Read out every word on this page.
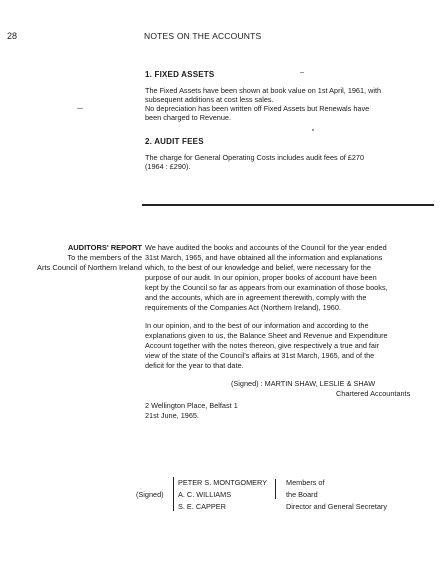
28	NOTES ON THE ACCOUNTS

1. FIXED ASSETS

The Fixed Assets have been shown at book value on 1st April, 1961, with

subsequent additions at cost less sales.

No depreciation has been written off Fixed Assets but Renewals have

been charged to Revenue.

2. AUDIT FEES

The charge for General Operating Costs includes audit fees of £270

(1964 : £290).

AUDITORS' REPORT

To the members of the

Arts Council of Northern Ireland

We have audited the books and accounts of the Council for the year ended

31st March, 1965, and have obtained all the information and explanations

which, to the best of our knowledge and belief, were necessary for the

purpose of our audit. In our opinion, proper books of account have been

kept by the Council so far as appears from our examination of those books,

and the accounts, which are in agreement therewith, comply with the

requirements of the Companies Act (Northern Ireland), 1960.

In our opinion, and to the best of our information and according to the

explanations given to us, the Balance Sheet and Revenue and Expenditure

Account together with the notes thereon, give respectively a true and fair

view of the state of the Council's affairs at 31st March, 1965, and of the

deficit for the year to that date.

(Signed) : MARTIN SHAW, LESLIE & SHAW

Chartered Accountants

2 Wellington Place, Belfast 1

21st June, 1965.

(Signed)

PETER S. MONTGOMERY

A. C. WILLIAMS

S. E. CAPPER

Members of

the Board

Director and General Secretary
